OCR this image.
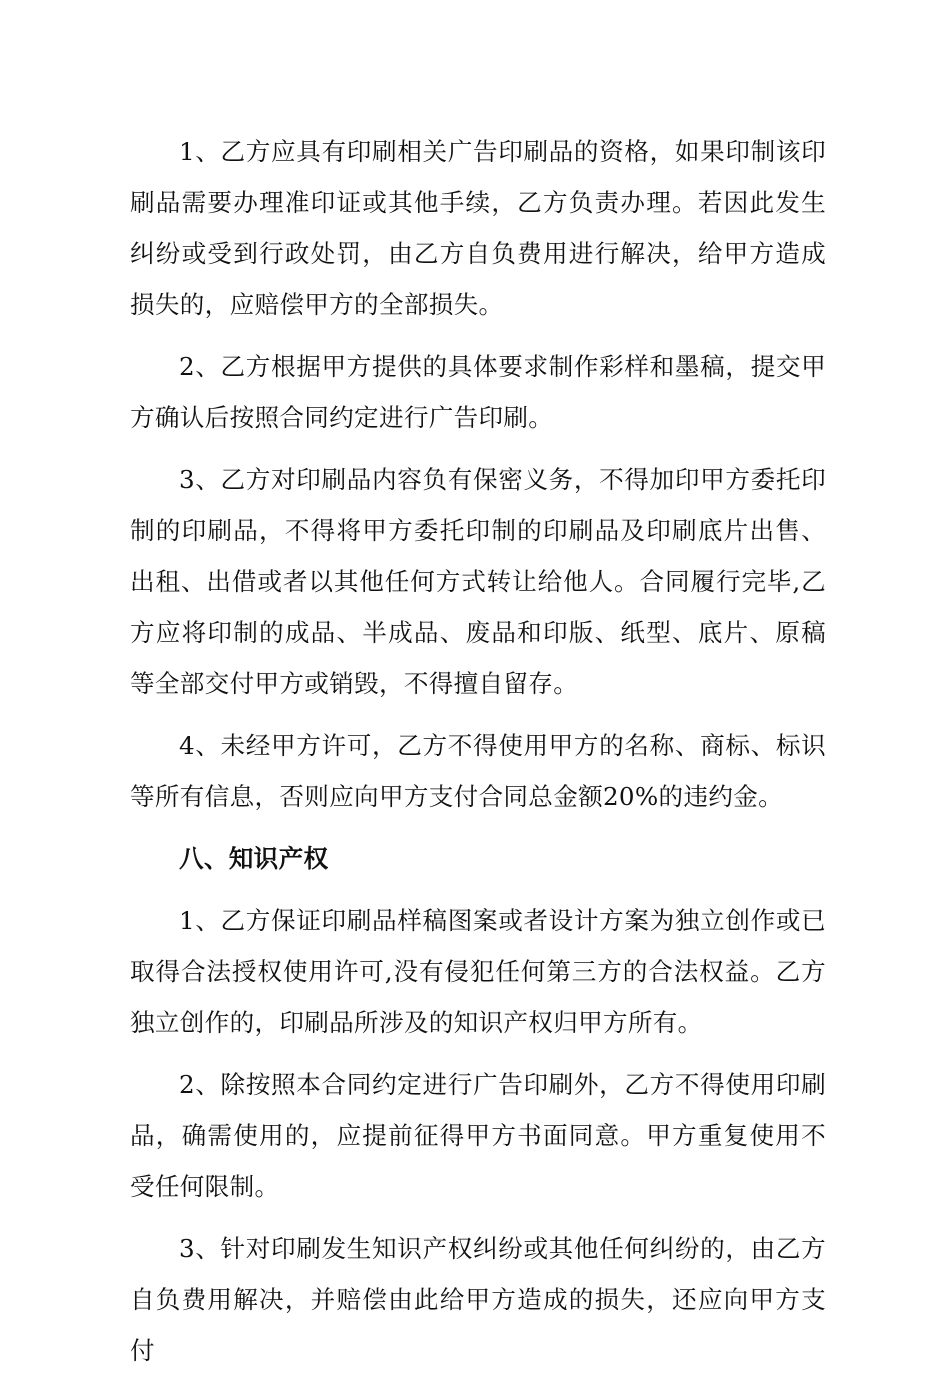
1、乙方应具有印刷相关广告印刷品的资格，如果印制该印刷品需要办理准印证或其他手续，乙方负责办理。若因此发生纠纷或受到行政处罚，由乙方自负费用进行解决，给甲方造成损失的，应赔偿甲方的全部损失。

2、乙方根据甲方提供的具体要求制作彩样和墨稿，提交甲方确认后按照合同约定进行广告印刷。

3、乙方对印刷品内容负有保密义务，不得加印甲方委托印制的印刷品，不得将甲方委托印制的印刷品及印刷底片出售、出租、出借或者以其他任何方式转让给他人。合同履行完毕,乙方应将印制的成品、半成品、废品和印版、纸型、底片、原稿等全部交付甲方或销毁，不得擅自留存。

4、未经甲方许可，乙方不得使用甲方的名称、商标、标识等所有信息，否则应向甲方支付合同总金额20%的违约金。

八、知识产权

1、乙方保证印刷品样稿图案或者设计方案为独立创作或已取得合法授权使用许可,没有侵犯任何第三方的合法权益。乙方独立创作的，印刷品所涉及的知识产权归甲方所有。

2、除按照本合同约定进行广告印刷外，乙方不得使用印刷品，确需使用的，应提前征得甲方书面同意。甲方重复使用不受任何限制。

3、针对印刷发生知识产权纠纷或其他任何纠纷的，由乙方自负费用解决，并赔偿由此给甲方造成的损失，还应向甲方支付
